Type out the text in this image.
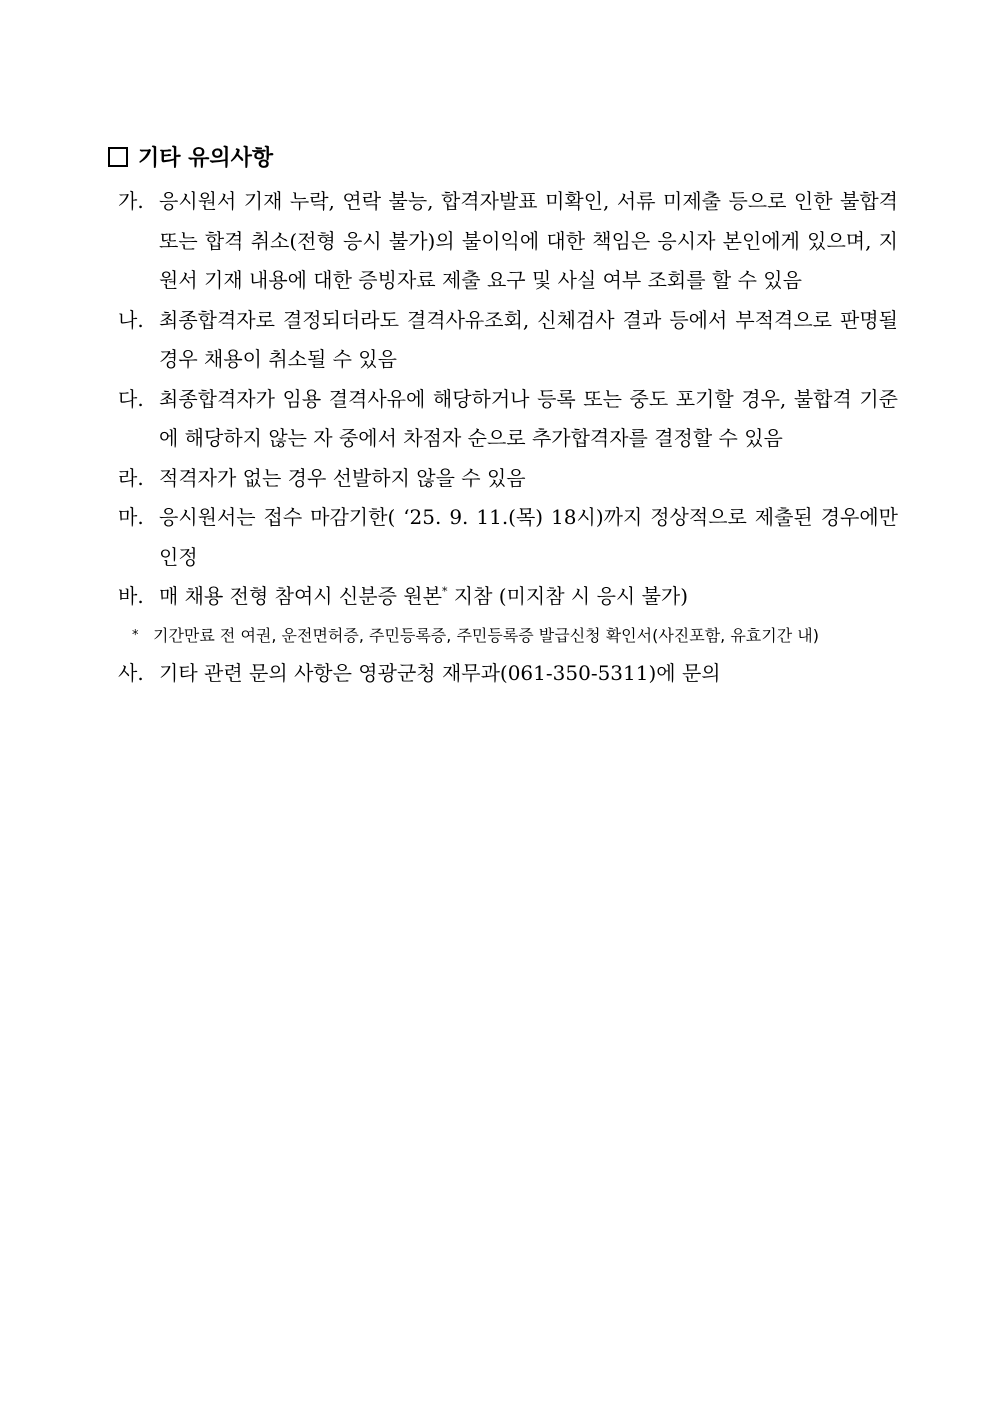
기타 유의사항
가. 응시원서 기재 누락, 연락 불능, 합격자발표 미확인, 서류 미제출 등으로 인한 불합격 또는 합격 취소(전형 응시 불가)의 불이익에 대한 책임은 응시자 본인에게 있으며, 지원서 기재 내용에 대한 증빙자료 제출 요구 및 사실 여부 조회를 할 수 있음
나. 최종합격자로 결정되더라도 결격사유조회, 신체검사 결과 등에서 부적격으로 판명될 경우 채용이 취소될 수 있음
다. 최종합격자가 임용 결격사유에 해당하거나 등록 또는 중도 포기할 경우, 불합격 기준에 해당하지 않는 자 중에서 차점자 순으로 추가합격자를 결정할 수 있음
라. 적격자가 없는 경우 선발하지 않을 수 있음
마. 응시원서는 접수 마감기한( ‘25. 9. 11.(목) 18시)까지 정상적으로 제출된 경우에만 인정
바. 매 채용 전형 참여시 신분증 원본* 지참 (미지참 시 응시 불가)
* 기간만료 전 여권, 운전면허증, 주민등록증, 주민등록증 발급신청 확인서(사진포함, 유효기간 내)
사. 기타 관련 문의 사항은 영광군청 재무과(061-350-5311)에 문의
